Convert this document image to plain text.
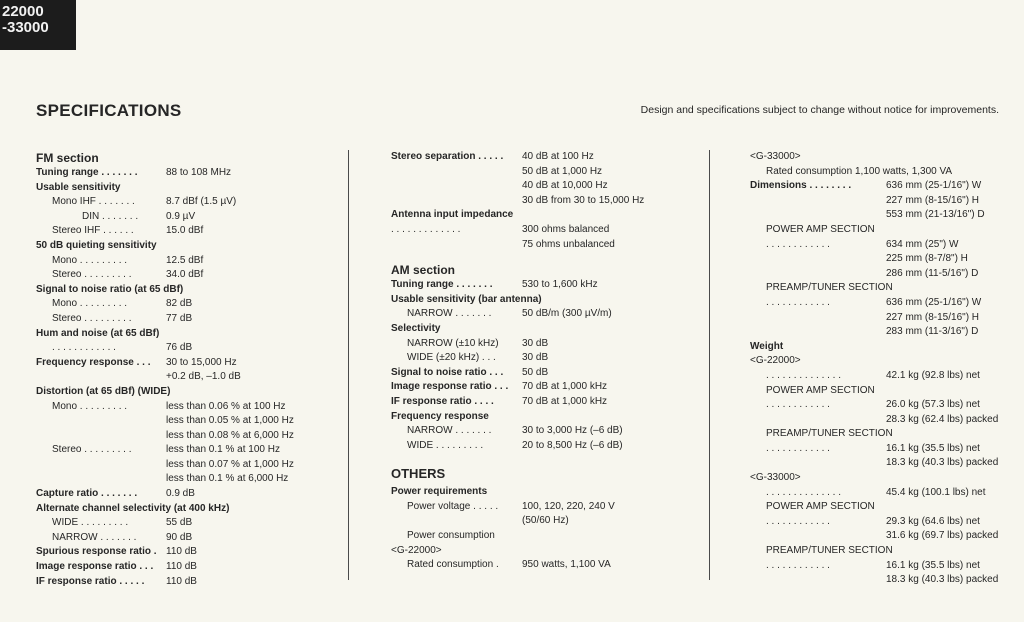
22000
-33000
SPECIFICATIONS	Design and specifications subject to change without notice for improvements.
FM section
Tuning range . . . . . . .	88 to 108 MHz
Usable sensitivity
Mono IHF . . . . . . .	8.7 dBf (1.5 µV)
DIN . . . . . . .	0.9 µV
Stereo IHF . . . . . .	15.0 dBf
50 dB quieting sensitivity
Mono . . . . . . . . .	12.5 dBf
Stereo . . . . . . . . .	34.0 dBf
Signal to noise ratio (at 65 dBf)
Mono . . . . . . . . .	82 dB
Stereo . . . . . . . . .	77 dB
Hum and noise (at 65 dBf)
. . . . . . . . . . . .	76 dB
Frequency response . . . 30 to 15,000 Hz
+0.2 dB, –1.0 dB
Distortion (at 65 dBf) (WIDE)
Mono . . . . . . . . .	less than 0.06 % at 100 Hz
less than 0.05 % at 1,000 Hz
less than 0.08 % at 6,000 Hz
Stereo . . . . . . . . .	less than 0.1 % at 100 Hz
less than 0.07 % at 1,000 Hz
less than 0.1 % at 6,000 Hz
Capture ratio . . . . . . .	0.9 dB
Alternate channel selectivity (at 400 kHz)
WIDE . . . . . . . . .	55 dB
NARROW . . . . . . .	90 dB
Spurious response ratio . 110 dB
Image response ratio . . . 110 dB
IF response ratio . . . . . 110 dB
Stereo separation . . . . . 40 dB at 100 Hz
50 dB at 1,000 Hz
40 dB at 10,000 Hz
30 dB from 30 to 15,000 Hz
Antenna input impedance
. . . . . . . . . . . . .	300 ohms balanced
75 ohms unbalanced
AM section
Tuning range . . . . . . .	530 to 1,600 kHz
Usable sensitivity (bar antenna)
NARROW . . . . . . .	50 dB/m (300 µV/m)
Selectivity
NARROW (±10 kHz) 30 dB
WIDE (±20 kHz) . . .	30 dB
Signal to noise ratio . . . 50 dB
Image response ratio . . . 70 dB at 1,000 kHz
IF response ratio . . . .	70 dB at 1,000 kHz
Frequency response
NARROW . . . . . . .	30 to 3,000 Hz (–6 dB)
WIDE . . . . . . . . .	20 to 8,500 Hz (–6 dB)
OTHERS
Power requirements
Power voltage . . . . . 100, 120, 220, 240 V
(50/60 Hz)
Power consumption
<G-22000>
Rated consumption . 950 watts, 1,100 VA
<G-33000>
Rated consumption .
1,100 watts, 1,300 VA
Dimensions . . . . . . . .	636 mm (25-1/16") W
227 mm (8-15/16") H
553 mm (21-13/16") D
POWER AMP SECTION
. . . . . . . . . . . .	634 mm (25") W
225 mm (8-7/8") H
286 mm (11-5/16") D
PREAMP/TUNER SECTION
. . . . . . . . . . . .	636 mm (25-1/16") W
227 mm (8-15/16") H
283 mm (11-3/16") D
Weight
<G-22000>
. . . . . . . . . . . . . .	42.1 kg (92.8 lbs) net
POWER AMP SECTION
. . . . . . . . . . . .	26.0 kg (57.3 lbs) net
28.3 kg (62.4 lbs) packed
PREAMP/TUNER SECTION
. . . . . . . . . . . .	16.1 kg (35.5 lbs) net
18.3 kg (40.3 lbs) packed
<G-33000>
. . . . . . . . . . . . . .	45.4 kg (100.1 lbs) net
POWER AMP SECTION
. . . . . . . . . . . .	29.3 kg (64.6 lbs) net
31.6 kg (69.7 lbs) packed
PREAMP/TUNER SECTION
. . . . . . . . . . . .	16.1 kg (35.5 lbs) net
18.3 kg (40.3 lbs) packed
